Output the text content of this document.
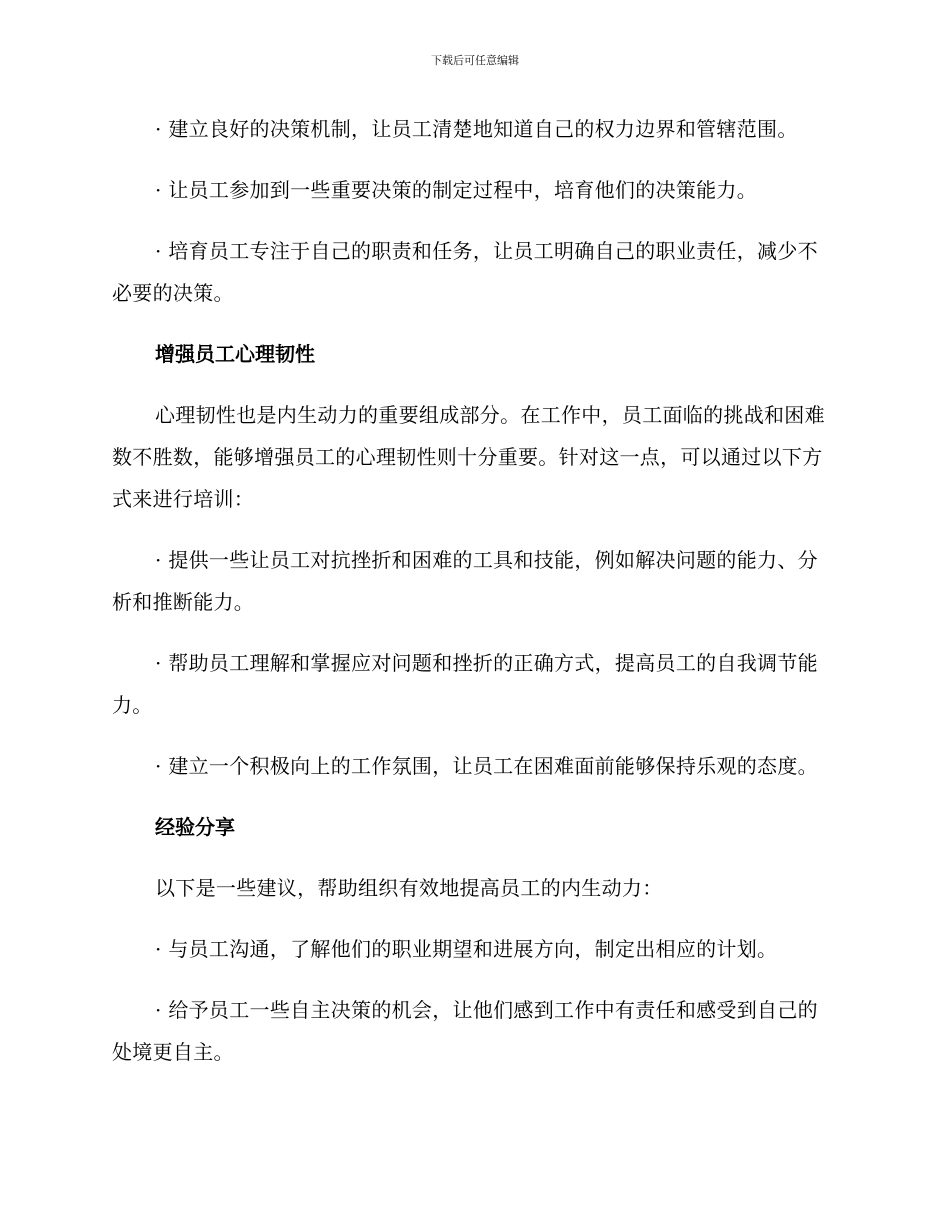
下载后可任意编辑

· 建立良好的决策机制，让员工清楚地知道自己的权力边界和管辖范围。

· 让员工参加到一些重要决策的制定过程中，培育他们的决策能力。

· 培育员工专注于自己的职责和任务，让员工明确自己的职业责任，减少不必要的决策。

增强员工心理韧性

心理韧性也是内生动力的重要组成部分。在工作中，员工面临的挑战和困难数不胜数，能够增强员工的心理韧性则十分重要。针对这一点，可以通过以下方式来进行培训：

· 提供一些让员工对抗挫折和困难的工具和技能，例如解决问题的能力、分析和推断能力。

· 帮助员工理解和掌握应对问题和挫折的正确方式，提高员工的自我调节能力。

· 建立一个积极向上的工作氛围，让员工在困难面前能够保持乐观的态度。

经验分享

以下是一些建议，帮助组织有效地提高员工的内生动力：

· 与员工沟通，了解他们的职业期望和进展方向，制定出相应的计划。

· 给予员工一些自主决策的机会，让他们感到工作中有责任和感受到自己的处境更自主。
